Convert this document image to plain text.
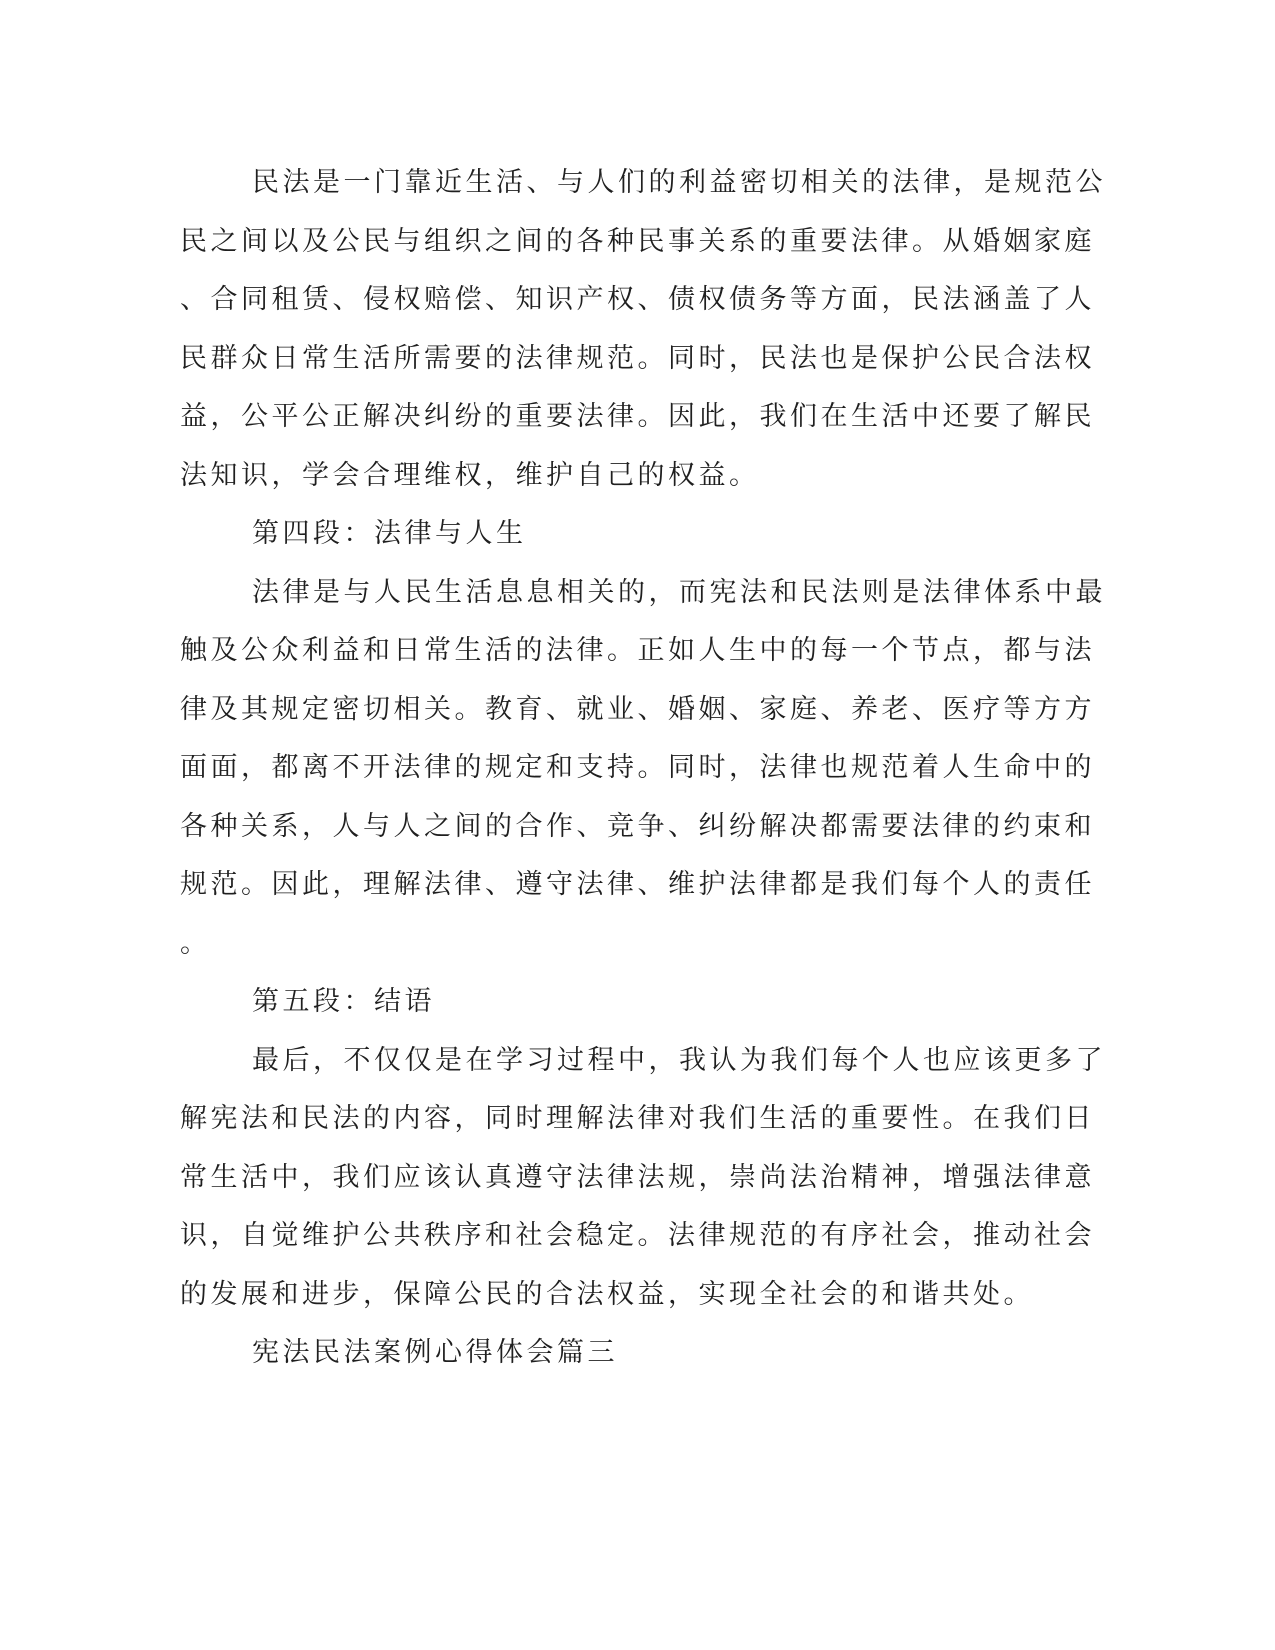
民法是一门靠近生活、与人们的利益密切相关的法律，是规范公

民之间以及公民与组织之间的各种民事关系的重要法律。从婚姻家庭

、合同租赁、侵权赔偿、知识产权、债权债务等方面，民法涵盖了人

民群众日常生活所需要的法律规范。同时，民法也是保护公民合法权

益，公平公正解决纠纷的重要法律。因此，我们在生活中还要了解民

法知识，学会合理维权，维护自己的权益。

第四段：法律与人生

法律是与人民生活息息相关的，而宪法和民法则是法律体系中最

触及公众利益和日常生活的法律。正如人生中的每一个节点，都与法

律及其规定密切相关。教育、就业、婚姻、家庭、养老、医疗等方方

面面，都离不开法律的规定和支持。同时，法律也规范着人生命中的

各种关系，人与人之间的合作、竞争、纠纷解决都需要法律的约束和

规范。因此，理解法律、遵守法律、维护法律都是我们每个人的责任

。

第五段：结语

最后，不仅仅是在学习过程中，我认为我们每个人也应该更多了

解宪法和民法的内容，同时理解法律对我们生活的重要性。在我们日

常生活中，我们应该认真遵守法律法规，崇尚法治精神，增强法律意

识，自觉维护公共秩序和社会稳定。法律规范的有序社会，推动社会

的发展和进步，保障公民的合法权益，实现全社会的和谐共处。

宪法民法案例心得体会篇三
